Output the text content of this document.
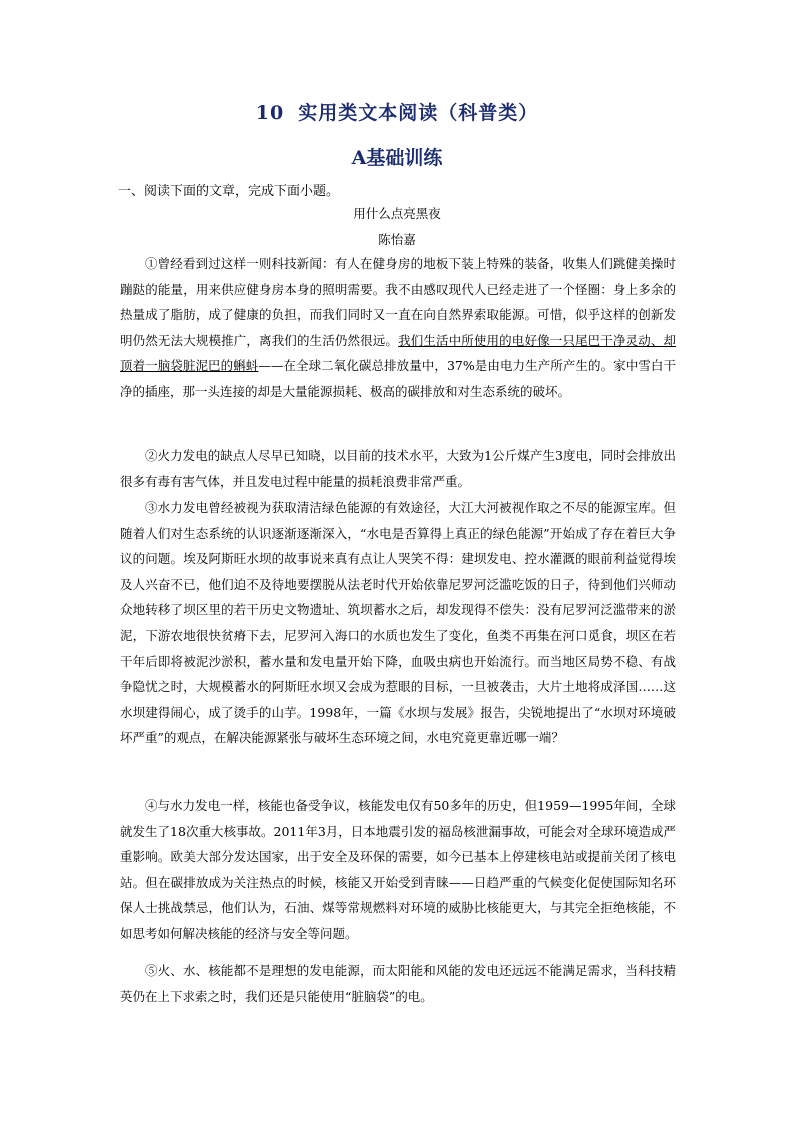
10 实用类文本阅读（科普类）
A基础训练
一、阅读下面的文章，完成下面小题。
用什么点亮黑夜
陈怡嘉

①曾经看到过这样一则科技新闻：有人在健身房的地板下装上特殊的装备，收集人们跳健美操时蹦跶的能量，用来供应健身房本身的照明需要。我不由感叹现代人已经走进了一个怪圈：身上多余的热量成了脂肪，成了健康的负担，而我们同时又一直在向自然界索取能源。可惜，似乎这样的创新发明仍然无法大规模推广，离我们的生活仍然很远。我们生活中所使用的电好像一只尾巴干净灵动、却顶着一脑袋脏泥巴的蝌蚪——在全球二氧化碳总排放量中，37%是由电力生产所产生的。家中雪白干净的插座，那一头连接的却是大量能源损耗、极高的碳排放和对生态系统的破坏。

②火力发电的缺点人尽早已知晓，以目前的技术水平，大致为1公斤煤产生3度电，同时会排放出很多有毒有害气体，并且发电过程中能量的损耗浪费非常严重。

③水力发电曾经被视为获取清洁绿色能源的有效途径，大江大河被视作取之不尽的能源宝库。但随着人们对生态系统的认识逐渐逐渐深入，“水电是否算得上真正的绿色能源”开始成了存在着巨大争议的问题。埃及阿斯旺水坝的故事说来真有点让人哭笑不得：建坝发电、控水灌溉的眼前利益觉得埃及人兴奋不已，他们迫不及待地要摆脱从法老时代开始依靠尼罗河泛滥吃饭的日子，待到他们兴师动众地转移了坝区里的若干历史文物遗址、筑坝蓄水之后，却发现得不偿失：没有尼罗河泛滥带来的淤泥，下游农地很快贫瘠下去，尼罗河入海口的水质也发生了变化，鱼类不再集在河口觅食，坝区在若干年后即将被泥沙淤积，蓄水量和发电量开始下降，血吸虫病也开始流行。而当地区局势不稳、有战争隐忧之时，大规模蓄水的阿斯旺水坝又会成为惹眼的目标，一旦被袭击，大片土地将成泽国……这水坝建得闹心，成了烫手的山芋。1998年，一篇《水坝与发展》报告，尖锐地提出了“水坝对环境破坏严重”的观点，在解决能源紧张与破坏生态环境之间，水电究竟更靠近哪一端？

④与水力发电一样，核能也备受争议，核能发电仅有50多年的历史，但1959—1995年间，全球就发生了18次重大核事故。2011年3月，日本地震引发的福岛核泄漏事故，可能会对全球环境造成严重影响。欧美大部分发达国家，出于安全及环保的需要，如今已基本上停建核电站或提前关闭了核电站。但在碳排放成为关注热点的时候，核能又开始受到青睐——日趋严重的气候变化促使国际知名环保人士挑战禁忌，他们认为，石油、煤等常规燃料对环境的威胁比核能更大，与其完全拒绝核能，不如思考如何解决核能的经济与安全等问题。

⑤火、水、核能都不是理想的发电能源，而太阳能和风能的发电还远远不能满足需求，当科技精英仍在上下求索之时，我们还是只能使用“脏脑袋”的电。
